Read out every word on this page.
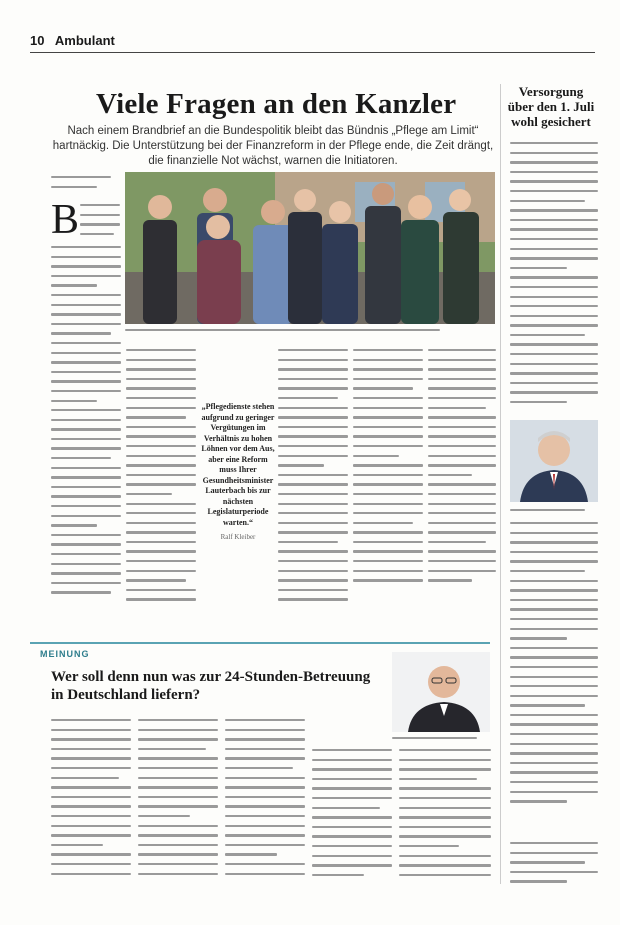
10 Ambulant
Viele Fragen an den Kanzler
Nach einem Brandbrief an die Bundespolitik bleibt das Bündnis „Pflege am Limit“ hartnäckig. Die Unterstützung bei der Finanzreform in der Pflege ende, die Zeit drängt, die finanzielle Not wächst, warnen die Initiatoren.
B
„Pflegedienste stehen aufgrund zu geringer Vergütungen im Verhältnis zu hohen Löhnen vor dem Aus, aber eine Reform muss Ihrer Gesundheitsminister Lauterbach bis zur nächsten Legislaturperiode warten.“
Ralf Kleiber
Versorgung über den 1. Juli wohl gesichert
MEINUNG
Wer soll denn nun was zur 24-Stunden-Betreuung in Deutschland liefern?
